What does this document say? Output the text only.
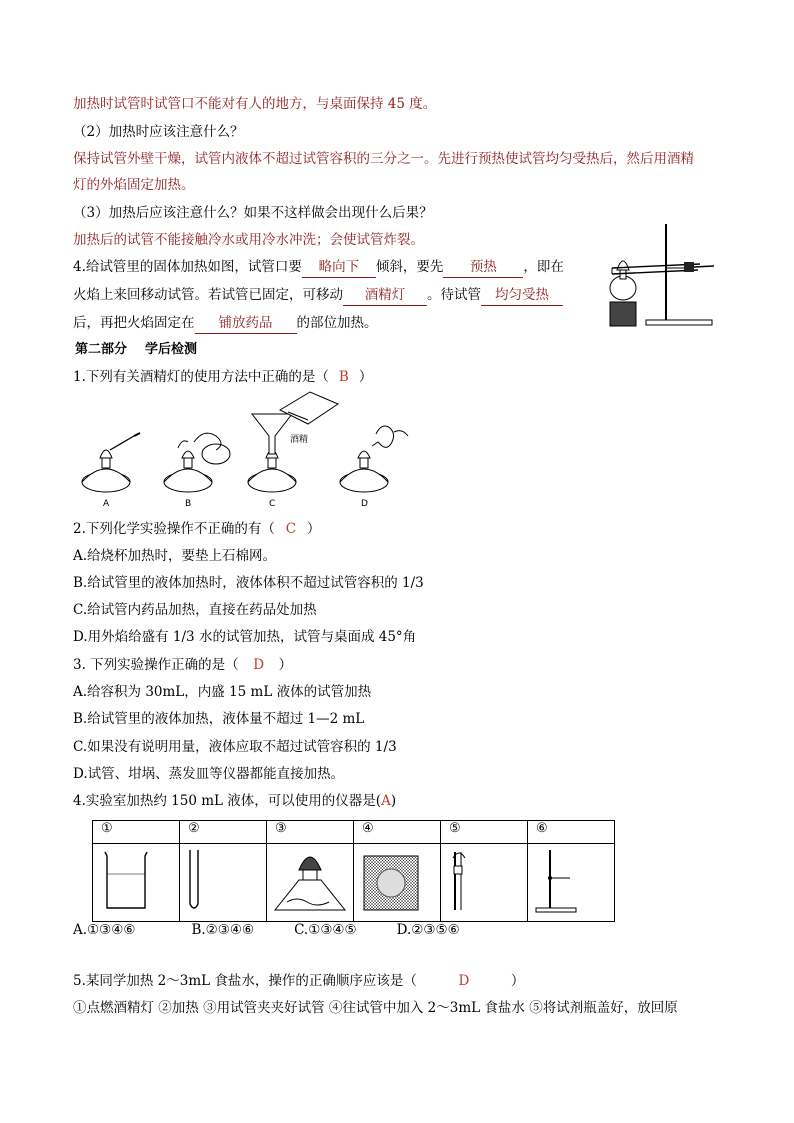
加热时试管时试管口不能对有人的地方，与桌面保持 45 度。
（2）加热时应该注意什么？
保持试管外壁干燥，试管内液体不超过试管容积的三分之一。先进行预热使试管均匀受热后，然后用酒精
灯的外焰固定加热。
（3）加热后应该注意什么？如果不这样做会出现什么后果？
加热后的试管不能接触冷水或用冷水冲洗；会使试管炸裂。
4.给试管里的固体加热如图，试管口要 略向下 倾斜，要先 预热 ，即在
火焰上来回移动试管。若试管已固定，可移动 酒精灯 。待试管 均匀受热
后，再把火焰固定在 铺放药品 的部位加热。
第二部分 学后检测
1.下列有关酒精灯的使用方法中正确的是（ B ）
A	B
酒精
C	D
2.下列化学实验操作不正确的有（ C ）
A.给烧杯加热时，要垫上石棉网。
B.给试管里的液体加热时，液体体积不超过试管容积的 1/3
C.给试管内药品加热，直接在药品处加热
D.用外焰给盛有 1/3 水的试管加热，试管与桌面成 45°角
3. 下列实验操作正确的是（ D ）
A.给容积为 30mL，内盛 15 mL 液体的试管加热
B.给试管里的液体加热，液体量不超过 1—2 mL
C.如果没有说明用量，液体应取不超过试管容积的 1/3
D.试管、坩埚、蒸发皿等仪器都能直接加热。
4.实验室加热约 150 mL 液体，可以使用的仪器是(A)
①	②	③	④	⑤	⑥

A.①③④⑥	B.②③④⑥	C.①③④⑤	D.②③⑤⑥
5.某同学加热 2～3mL 食盐水，操作的正确顺序应该是（	D	）
①点燃酒精灯 ②加热 ③用试管夹夹好试管 ④往试管中加入 2～3mL 食盐水 ⑤将试剂瓶盖好，放回原
